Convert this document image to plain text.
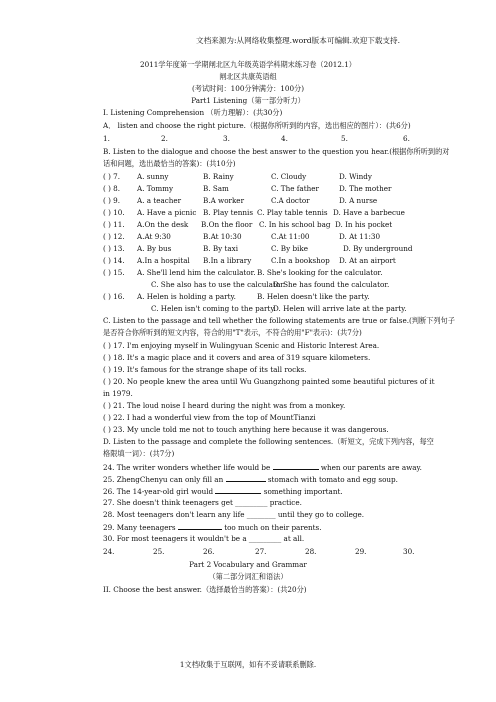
文档来源为:从网络收集整理.word版本可编辑.欢迎下载支持.
2011学年度第一学期闸北区九年级英语学科期末练习卷（2012.1）
闸北区共康英语组
(考试时间：100分钟满分：100分)
Part1 Listening（第一部分听力）
I. Listening Comprehension （听力理解）：(共30分)
A． listen and choose the right picture.（根据你所听到的内容，选出相应的图片）：(共6分)
1.	2.	3.	4.	5.	6.
B. Listen to the dialogue and choose the best answer to the question you hear.(根据你所听到的对
话和问题，选出最恰当的答案)：(共10分)
( ) 7. A. sunny	B. Rainy	C. Cloudy	D. Windy
( ) 8. A. Tommy	B. Sam	C. The father	D. The mother
( ) 9. A. a teacher	B.A worker	C.A doctor	D. A nurse
( ) 10. A. Have a picnic B. Play tennis C. Play table tennis D. Have a barbecue
( ) 11. A.On the desk B.On the floor C. In his school bag D. In his pocket
( ) 12. A.At 9:30	B.At 10:30	C.At 11:00	D. At 11:30
( ) 13. A. By bus	B. By taxi	C. By bike	D. By underground
( ) 14. A.In a hospital B.In a library	C.In a bookshop D. At an airport
( ) 15. A. She'll lend him the calculator. B. She's looking for the calculator.
C. She also has to use the calculator.
D. She has found the calculator.
( ) 16. A. Helen is holding a party.	B. Helen doesn't like the party.
C. Helen isn't coming to the party.
D. Helen will arrive late at the party.
C. Listen to the passage and tell whether the following statements are true or false.(判断下列句子
是否符合你所听到的短文内容，符合的用"T"表示，不符合的用"F"表示)：(共7分)
( ) 17. I'm enjoying myself in Wulingyuan Scenic and Historic Interest Area.
( ) 18. It's a magic place and it covers and area of 319 square kilometers.
( ) 19. It's famous for the strange shape of its tall rocks.
( ) 20. No people knew the area until Wu Guangzhong painted some beautiful pictures of it
in 1979.
( ) 21. The loud noise I heard during the night was from a monkey.
( ) 22. I had a wonderful view from the top of MountTianzi
( ) 23. My uncle told me not to touch anything here because it was dangerous.
D. Listen to the passage and complete the following sentences.（听短文，完成下列内容，每空
格限填一词）：(共7分)
24. The writer wonders whether life would be	when our parents are away.
25. ZhengChenyu can only fill an	stomach with tomato and egg soup.
26. The 14-year-old girl would	something important.
27. She doesn't think teenagers get _________ practice.
28. Most teenagers don't learn any life ________ until they go to college.
29. Many teenagers	too much on their parents.
30. For most teenagers it wouldn't be a _________ at all.
24.	25.	26.	27.	28.	29.	30.
Part 2 Vocabulary and Grammar
（第二部分词汇和语法）
II. Choose the best answer.（选择最恰当的答案）：(共20分)
1文档收集于互联网，如有不妥请联系删除.
